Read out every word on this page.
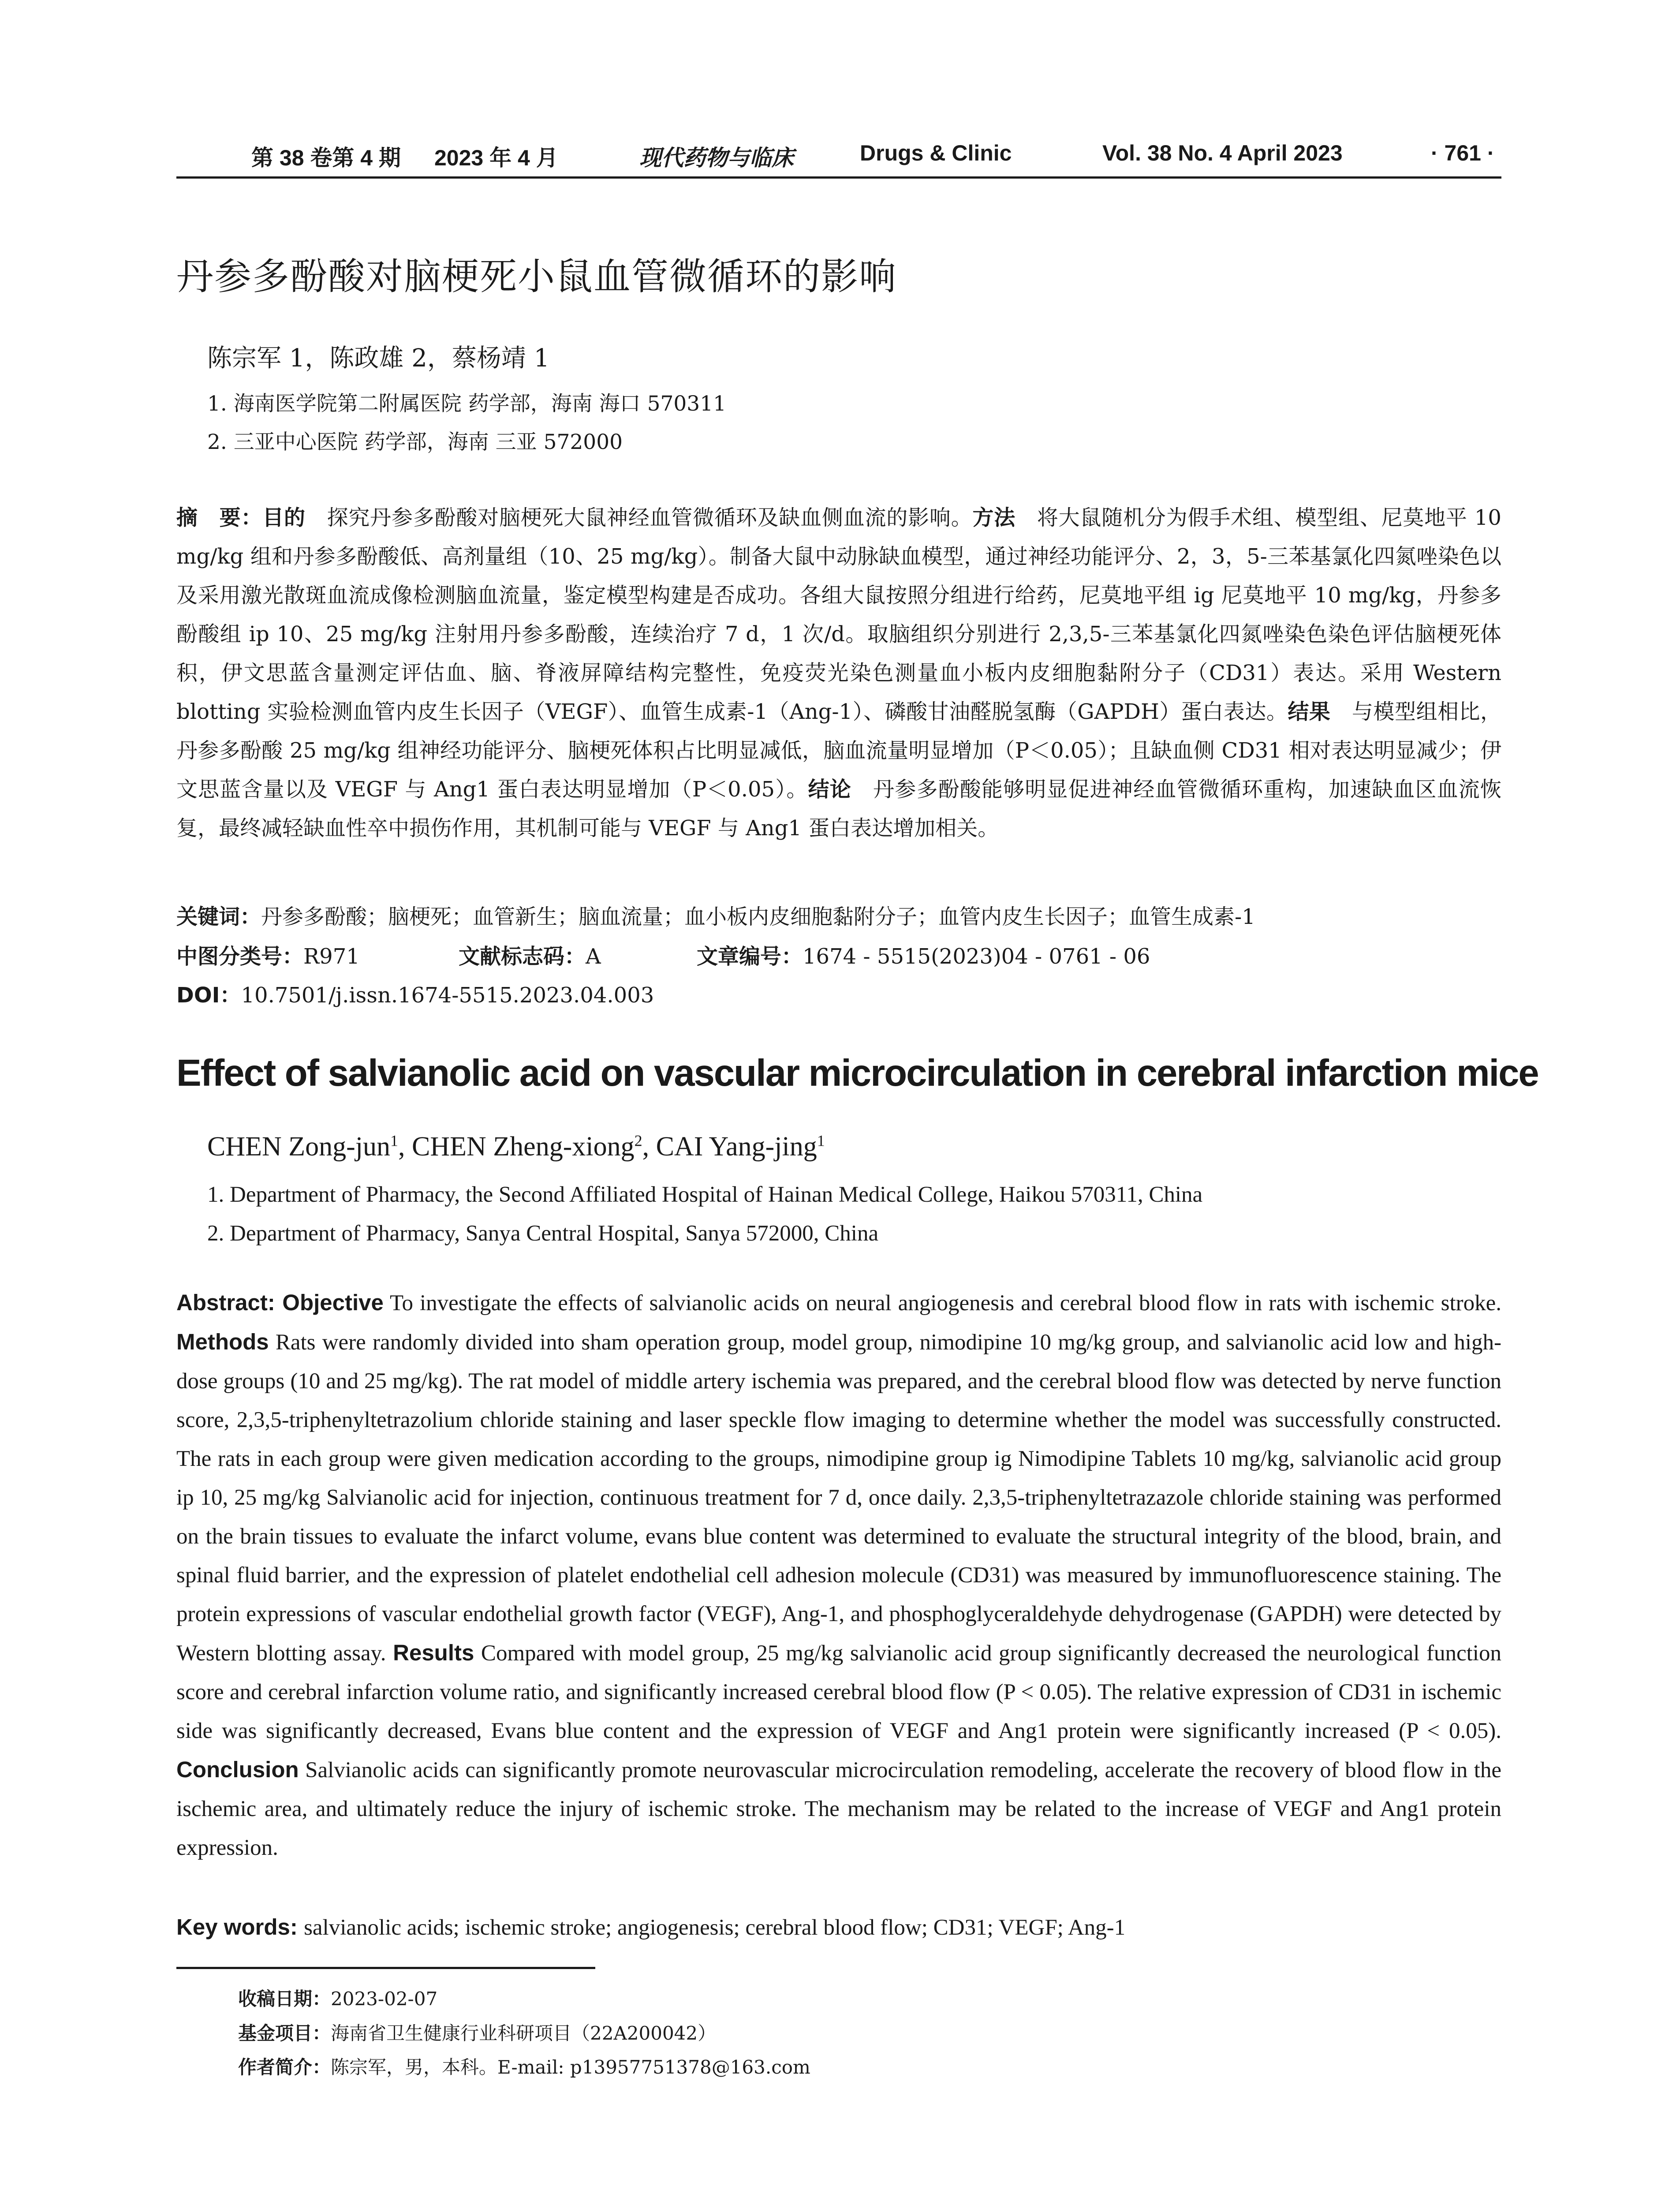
第 38 卷第 4 期 2023 年 4 月	现代药物与临床	Drugs & Clinic	Vol. 38 No. 4 April 2023	· 761 ·
丹参多酚酸对脑梗死小鼠血管微循环的影响
陈宗军 1，陈政雄 2，蔡杨靖 1
1. 海南医学院第二附属医院 药学部，海南 海口 570311
2. 三亚中心医院 药学部，海南 三亚 572000
摘　要：目的　探究丹参多酚酸对脑梗死大鼠神经血管微循环及缺血侧血流的影响。方法　将大鼠随机分为假手术组、模型组、尼莫地平 10 mg/kg 组和丹参多酚酸低、高剂量组（10、25 mg/kg）。制备大鼠中动脉缺血模型，通过神经功能评分、2，3，5-三苯基氯化四氮唑染色以及采用激光散斑血流成像检测脑血流量，鉴定模型构建是否成功。各组大鼠按照分组进行给药，尼莫地平组 ig 尼莫地平 10 mg/kg，丹参多酚酸组 ip 10、25 mg/kg 注射用丹参多酚酸，连续治疗 7 d，1 次/d。取脑组织分别进行 2,3,5-三苯基氯化四氮唑染色染色评估脑梗死体积，伊文思蓝含量测定评估血、脑、脊液屏障结构完整性，免疫荧光染色测量血小板内皮细胞黏附分子（CD31）表达。采用 Western blotting 实验检测血管内皮生长因子（VEGF）、血管生成素-1（Ang-1）、磷酸甘油醛脱氢酶（GAPDH）蛋白表达。结果　与模型组相比，丹参多酚酸 25 mg/kg 组神经功能评分、脑梗死体积占比明显减低，脑血流量明显增加（P＜0.05）；且缺血侧 CD31 相对表达明显减少；伊文思蓝含量以及 VEGF 与 Ang1 蛋白表达明显增加（P＜0.05）。结论　丹参多酚酸能够明显促进神经血管微循环重构，加速缺血区血流恢复，最终减轻缺血性卒中损伤作用，其机制可能与 VEGF 与 Ang1 蛋白表达增加相关。
关键词：丹参多酚酸；脑梗死；血管新生；脑血流量；血小板内皮细胞黏附分子；血管内皮生长因子；血管生成素-1
中图分类号：R971	文献标志码：A	文章编号：1674 - 5515(2023)04 - 0761 - 06
DOI：10.7501/j.issn.1674-5515.2023.04.003
Effect of salvianolic acid on vascular microcirculation in cerebral infarction mice
CHEN Zong-jun$^1$, CHEN Zheng-xiong$^2$, CAI Yang-jing$^1$
1. Department of Pharmacy, the Second Affiliated Hospital of Hainan Medical College, Haikou 570311, China
2. Department of Pharmacy, Sanya Central Hospital, Sanya 572000, China
Abstract: Objective To investigate the effects of salvianolic acids on neural angiogenesis and cerebral blood flow in rats with ischemic stroke. Methods Rats were randomly divided into sham operation group, model group, nimodipine 10 mg/kg group, and salvianolic acid low and high-dose groups (10 and 25 mg/kg). The rat model of middle artery ischemia was prepared, and the cerebral blood flow was detected by nerve function score, 2,3,5-triphenyltetrazolium chloride staining and laser speckle flow imaging to determine whether the model was successfully constructed. The rats in each group were given medication according to the groups, nimodipine group ig Nimodipine Tablets 10 mg/kg, salvianolic acid group ip 10, 25 mg/kg Salvianolic acid for injection, continuous treatment for 7 d, once daily. 2,3,5-triphenyltetrazazole chloride staining was performed on the brain tissues to evaluate the infarct volume, evans blue content was determined to evaluate the structural integrity of the blood, brain, and spinal fluid barrier, and the expression of platelet endothelial cell adhesion molecule (CD31) was measured by immunofluorescence staining. The protein expressions of vascular endothelial growth factor (VEGF), Ang-1, and phosphoglyceraldehyde dehydrogenase (GAPDH) were detected by Western blotting assay. Results Compared with model group, 25 mg/kg salvianolic acid group significantly decreased the neurological function score and cerebral infarction volume ratio, and significantly increased cerebral blood flow (P < 0.05). The relative expression of CD31 in ischemic side was significantly decreased, Evans blue content and the expression of VEGF and Ang1 protein were significantly increased (P < 0.05). Conclusion Salvianolic acids can significantly promote neurovascular microcirculation remodeling, accelerate the recovery of blood flow in the ischemic area, and ultimately reduce the injury of ischemic stroke. The mechanism may be related to the increase of VEGF and Ang1 protein expression.
Key words: salvianolic acids; ischemic stroke; angiogenesis; cerebral blood flow; CD31; VEGF; Ang-1
收稿日期：2023-02-07
基金项目：海南省卫生健康行业科研项目（22A200042）
作者简介：陈宗军，男，本科。E-mail: p13957751378@163.com
